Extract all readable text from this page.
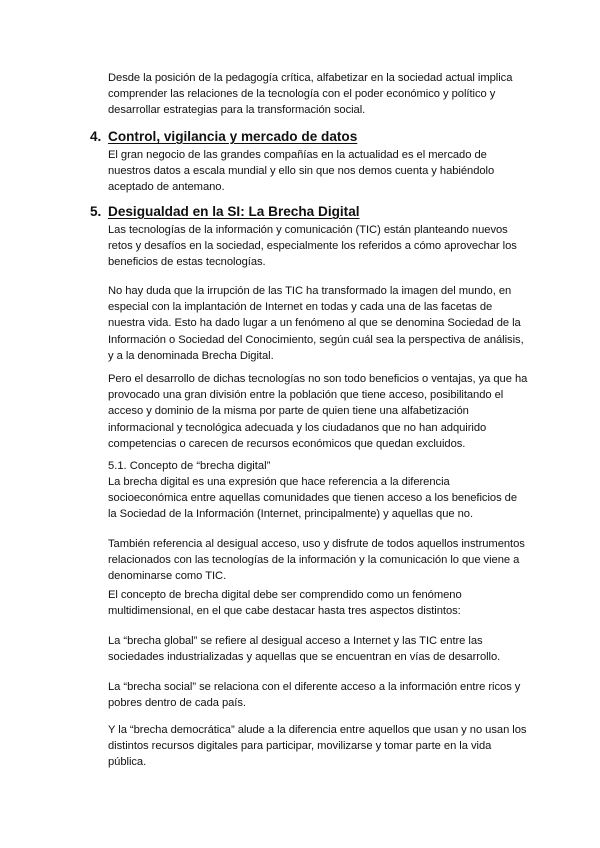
Desde la posición de la pedagogía crítica, alfabetizar en la sociedad actual implica comprender las relaciones de la tecnología con el poder económico y político y desarrollar estrategias para la transformación social.

4. Control, vigilancia y mercado de datos

El gran negocio de las grandes compañías en la actualidad es el mercado de nuestros datos a escala mundial y ello sin que nos demos cuenta y habiéndolo aceptado de antemano.

5. Desigualdad en la SI: La Brecha Digital

Las tecnologías de la información y comunicación (TIC) están planteando nuevos retos y desafíos en la sociedad, especialmente los referidos a cómo aprovechar los beneficios de estas tecnologías.

No hay duda que la irrupción de las TIC ha transformado la imagen del mundo, en especial con la implantación de Internet en todas y cada una de las facetas de nuestra vida. Esto ha dado lugar a un fenómeno al que se denomina Sociedad de la Información o Sociedad del Conocimiento, según cuál sea la perspectiva de análisis, y a la denominada Brecha Digital.

Pero el desarrollo de dichas tecnologías no son todo beneficios o ventajas, ya que ha provocado una gran división entre la población que tiene acceso, posibilitando el acceso y dominio de la misma por parte de quien tiene una alfabetización informacional y tecnológica adecuada y los ciudadanos que no han adquirido competencias o carecen de recursos económicos que quedan excluidos.

5.1. Concepto de “brecha digital”

La brecha digital es una expresión que hace referencia a la diferencia socioeconómica entre aquellas comunidades que tienen acceso a los beneficios de la Sociedad de la Información (Internet, principalmente) y aquellas que no.

También referencia al desigual acceso, uso y disfrute de todos aquellos instrumentos relacionados con las tecnologías de la información y la comunicación lo que viene a denominarse como TIC.

El concepto de brecha digital debe ser comprendido como un fenómeno multidimensional, en el que cabe destacar hasta tres aspectos distintos:

La “brecha global” se refiere al desigual acceso a Internet y las TIC entre las sociedades industrializadas y aquellas que se encuentran en vías de desarrollo.

La “brecha social” se relaciona con el diferente acceso a la información entre ricos y pobres dentro de cada país.

Y la “brecha democrática” alude a la diferencia entre aquellos que usan y no usan los distintos recursos digitales para participar, movilizarse y tomar parte en la vida pública.
